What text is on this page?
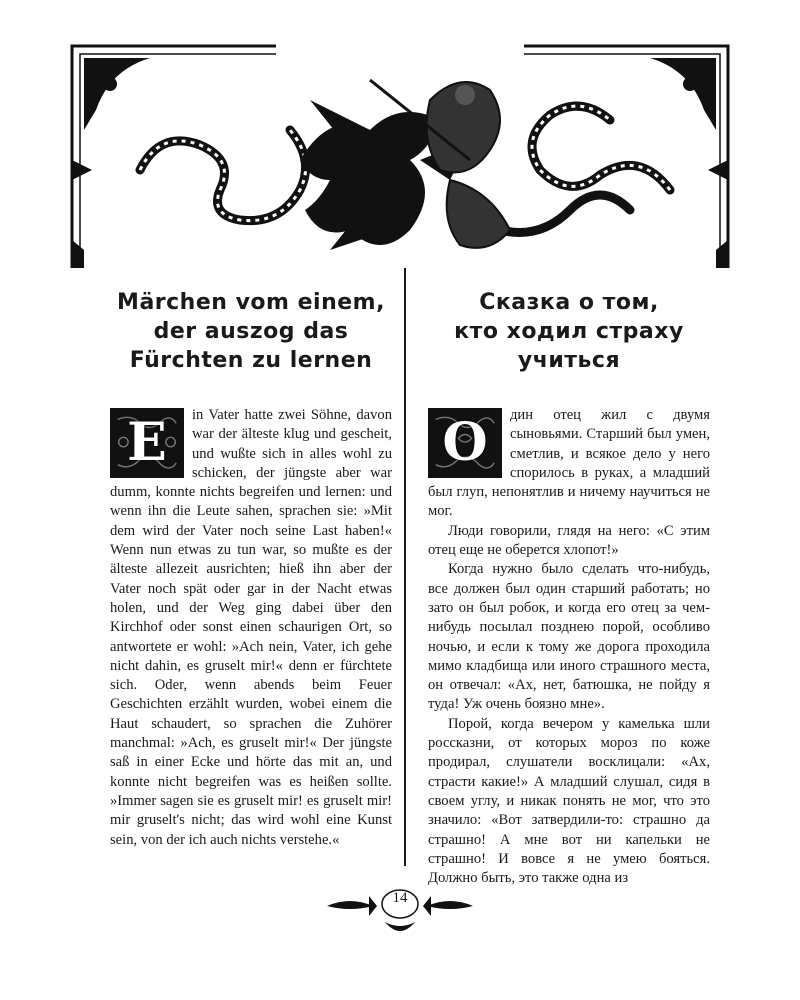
Märchen vom einem,
der auszog das
Fürchten zu lernen
E	in Vater hatte zwei Söhne, davon war der älteste klug und gescheit, und wußte sich in alles wohl zu schicken, der jüngste aber war dumm, konnte nichts begreifen und lernen: und wenn ihn die Leute sahen, sprachen sie: »Mit dem wird der Vater noch seine Last haben!« Wenn nun etwas zu tun war, so mußte es der älteste allezeit ausrichten; hieß ihn aber der Vater noch spät oder gar in der Nacht etwas holen, und der Weg ging dabei über den Kirchhof oder sonst einen schaurigen Ort, so antwortete er wohl: »Ach nein, Vater, ich gehe nicht dahin, es gruselt mir!« denn er fürchtete sich. Oder, wenn abends beim Feuer Geschichten erzählt wurden, wobei einem die Haut schaudert, so sprachen die Zuhörer manchmal: »Ach, es gruselt mir!« Der jüngste saß in einer Ecke und hörte das mit an, und konnte nicht begreifen was es heißen sollte. »Immer sagen sie es gruselt mir! es gruselt mir! mir gruselt's nicht; das wird wohl eine Kunst sein, von der ich auch nichts verstehe.«

Сказка о том,
кто ходил страху
учиться
О	дин отец жил с двумя сыновьями. Старший был умен, сметлив, и всякое дело у него спорилось в руках, а младший был глуп, непонятлив и ничему научиться не мог.

Люди говорили, глядя на него: «С этим отец еще не оберется хлопот!»

Когда нужно было сделать что-нибудь, все должен был один старший работать; но зато он был робок, и когда его отец за чем-нибудь посылал позднею порой, особливо ночью, и если к тому же дорога проходила мимо кладбища или иного страшного места, он отвечал: «Ах, нет, батюшка, не пойду я туда! Уж очень боязно мне».

Порой, когда вечером у камелька шли россказни, от которых мороз по коже продирал, слушатели восклицали: «Ах, страсти какие!» А младший слушал, сидя в своем углу, и никак понять не мог, что это значило: «Вот затвердили-то: страшно да страшно! А мне вот ни капельки не страшно! И вовсе я не умею бояться. Должно быть, это также одна из

14
